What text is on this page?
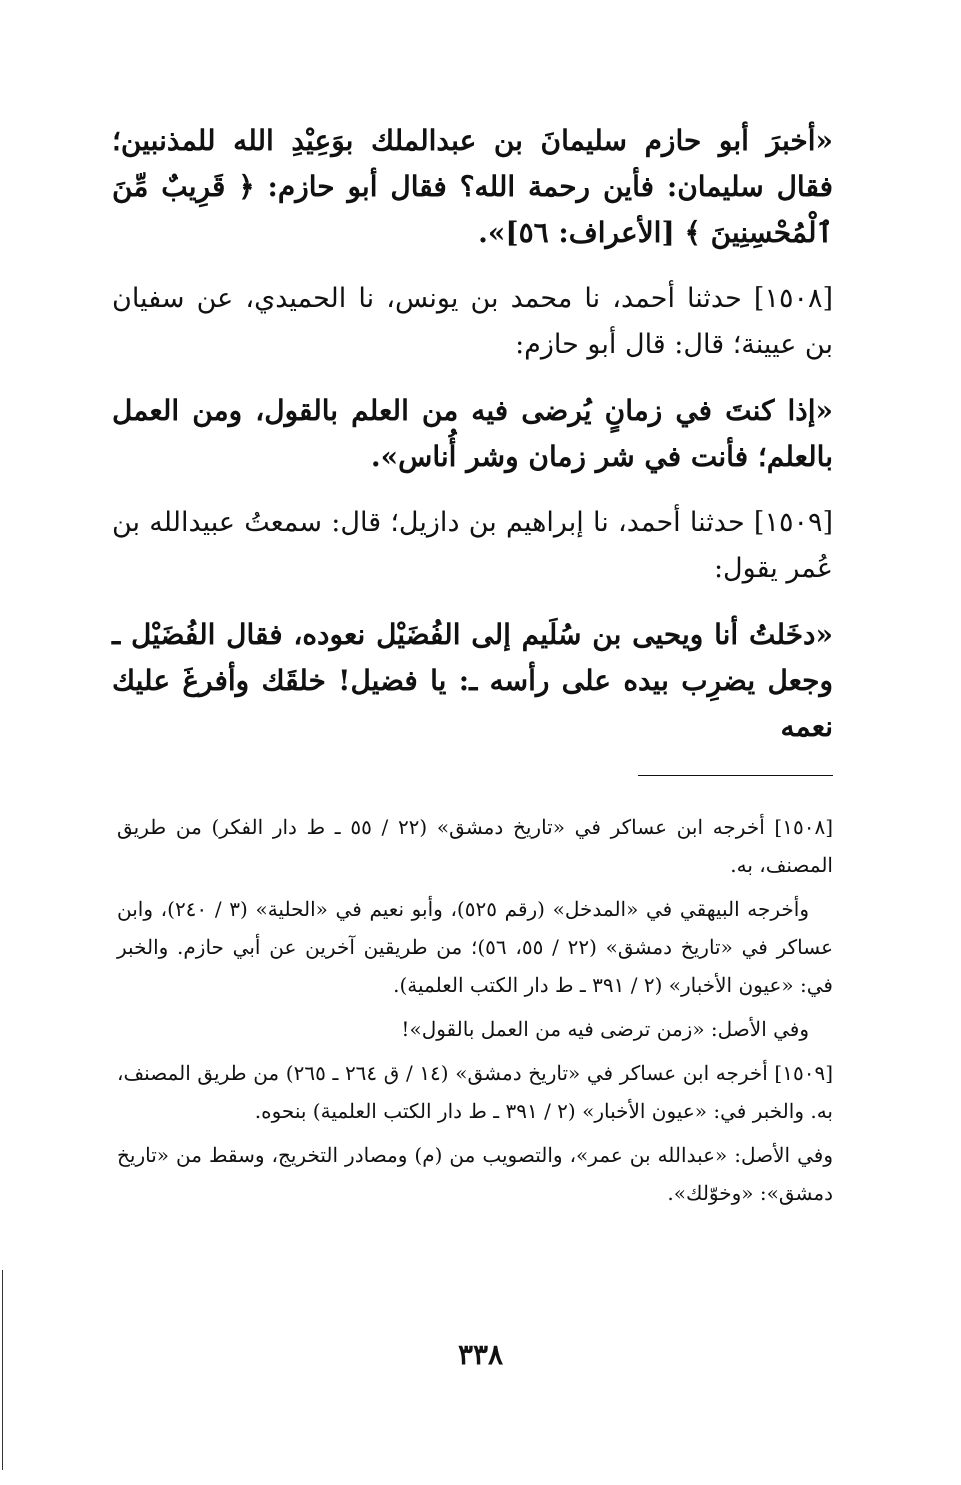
«أخبرَ أبو حازم سليمانَ بن عبدالملك بوَعِيْدِ الله للمذنبين؛ فقال سليمان: فأين رحمة الله؟ فقال أبو حازم: ﴿ قَرِيبٌ مِّنَ ٱلْمُحْسِنِينَ ﴾ [الأعراف: ٥٦]».

[١٥٠٨] حدثنا أحمد، نا محمد بن يونس، نا الحميدي، عن سفيان بن عيينة؛ قال: قال أبو حازم:

«إذا كنتَ في زمانٍ يُرضى فيه من العلم بالقول، ومن العمل بالعلم؛ فأنت في شر زمان وشر أُناس».

[١٥٠٩] حدثنا أحمد، نا إبراهيم بن دازيل؛ قال: سمعتُ عبيدالله بن عُمر يقول:

«دخَلتُ أنا ويحيى بن سُلَيم إلى الفُضَيْل نعوده، فقال الفُضَيْل ـ وجعل يضرِب بيده على رأسه ـ: يا فضيل! خلقَك وأفرغَ عليك نعمه

[١٥٠٨] أخرجه ابن عساكر في «تاريخ دمشق» (٢٢ / ٥٥ ـ ط دار الفكر) من طريق المصنف، به.

وأخرجه البيهقي في «المدخل» (رقم ٥٢٥)، وأبو نعيم في «الحلية» (٣ / ٢٤٠)، وابن عساكر في «تاريخ دمشق» (٢٢ / ٥٥، ٥٦)؛ من طريقين آخرين عن أبي حازم. والخبر في: «عيون الأخبار» (٢ / ٣٩١ ـ ط دار الكتب العلمية).

وفي الأصل: «زمن ترضى فيه من العمل بالقول»!

[١٥٠٩] أخرجه ابن عساكر في «تاريخ دمشق» (١٤ / ق ٢٦٤ ـ ٢٦٥) من طريق المصنف، به. والخبر في: «عيون الأخبار» (٢ / ٣٩١ ـ ط دار الكتب العلمية) بنحوه.

وفي الأصل: «عبدالله بن عمر»، والتصويب من (م) ومصادر التخريج، وسقط من «تاريخ دمشق»: «وخوّلك».

٣٣٨
